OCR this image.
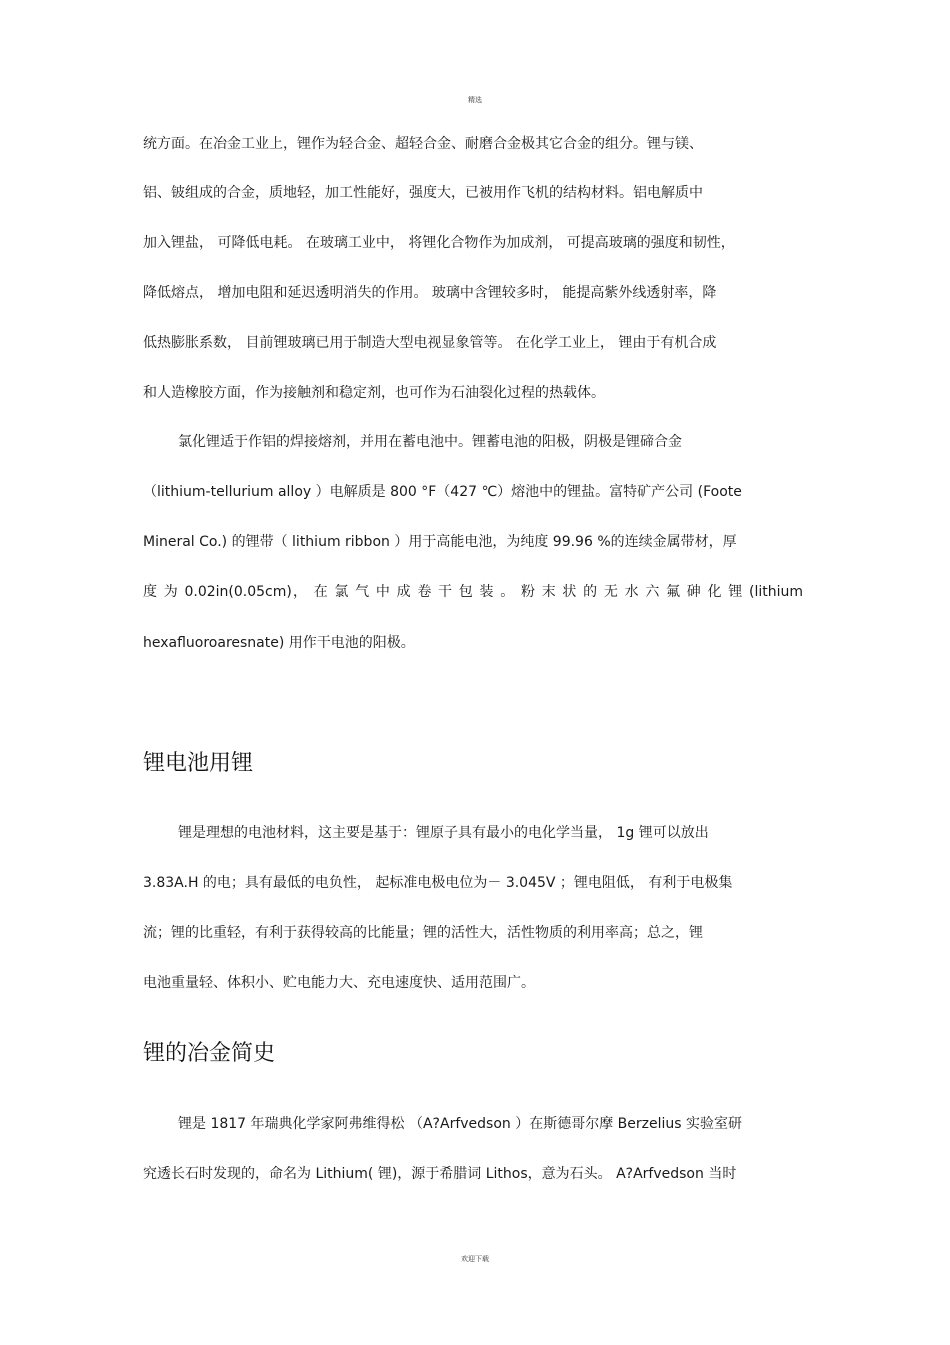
精选
统方面。在冶金工业上，锂作为轻合金、超轻合金、耐磨合金极其它合金的组分。锂与镁、
铝、铍组成的合金，质地轻，加工性能好，强度大，已被用作飞机的结构材料。铝电解质中
加入锂盐， 可降低电耗。 在玻璃工业中， 将锂化合物作为加成剂， 可提高玻璃的强度和韧性，
降低熔点， 增加电阻和延迟透明消失的作用。 玻璃中含锂较多时， 能提高紫外线透射率，降
低热膨胀系数， 目前锂玻璃已用于制造大型电视显象管等。 在化学工业上， 锂由于有机合成
和人造橡胶方面，作为接触剂和稳定剂，也可作为石油裂化过程的热载体。
氯化锂适于作铝的焊接熔剂，并用在蓄电池中。锂蓄电池的阳极，阴极是锂碲合金
（lithium-tellurium alloy ）电解质是 800 °F（427 ℃）熔池中的锂盐。富特矿产公司 (Foote
Mineral Co.) 的锂带（ lithium ribbon ）用于高能电池，为纯度 99.96 %的连续金属带材，厚
度 为 0.02in(0.05cm)， 在 氯 气 中 成 卷 干 包 装 。 粉 末 状 的 无 水 六 氟 砷 化 锂 (lithium
hexafluoroaresnate) 用作干电池的阳极。
锂电池用锂
锂是理想的电池材料，这主要是基于：锂原子具有最小的电化学当量， 1g 锂可以放出
3.83A.H 的电；具有最低的电负性， 起标准电极电位为－ 3.045V ；锂电阻低， 有利于电极集
流；锂的比重轻，有利于获得较高的比能量；锂的活性大，活性物质的利用率高；总之，锂
电池重量轻、体积小、贮电能力大、充电速度快、适用范围广。
锂的冶金简史
锂是 1817 年瑞典化学家阿弗维得松 （A?Arfvedson ）在斯德哥尔摩 Berzelius 实验室研
究透长石时发现的，命名为 Lithium( 锂)，源于希腊词 Lithos，意为石头。 A?Arfvedson 当时
欢迎下载
